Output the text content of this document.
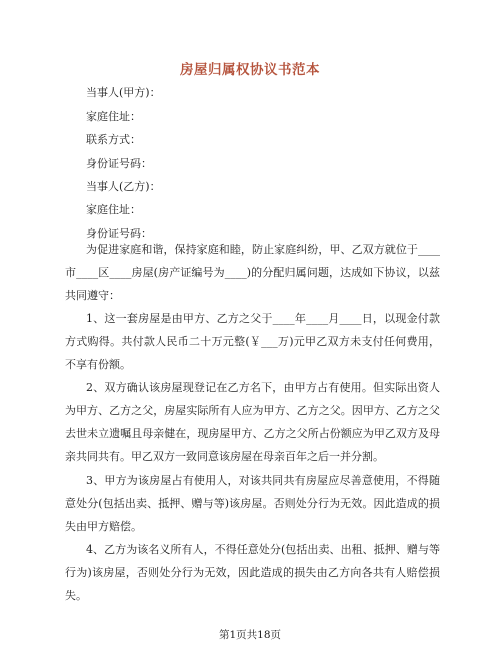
房屋归属权协议书范本
当事人(甲方)：
家庭住址：
联系方式：
身份证号码：
当事人(乙方)：
家庭住址：
身份证号码：
为促进家庭和谐，保持家庭和睦，防止家庭纠纷，甲、乙双方就位于____市____区____房屋(房产证编号为____)的分配归属问题，达成如下协议，以兹共同遵守：
1、这一套房屋是由甲方、乙方之父于____年____月____日，以现金付款方式购得。共付款人民币二十万元整(￥___万)元甲乙双方未支付任何费用，不享有份额。
2、双方确认该房屋现登记在乙方名下，由甲方占有使用。但实际出资人为甲方、乙方之父，房屋实际所有人应为甲方、乙方之父。因甲方、乙方之父去世未立遗嘱且母亲健在，现房屋甲方、乙方之父所占份额应为甲乙双方及母亲共同共有。甲乙双方一致同意该房屋在母亲百年之后一并分割。
3、甲方为该房屋占有使用人，对该共同共有房屋应尽善意使用，不得随意处分(包括出卖、抵押、赠与等)该房屋。否则处分行为无效。因此造成的损失由甲方赔偿。
4、乙方为该名义所有人，不得任意处分(包括出卖、出租、抵押、赠与等行为)该房屋，否则处分行为无效，因此造成的损失由乙方向各共有人赔偿损失。
第1页共18页
